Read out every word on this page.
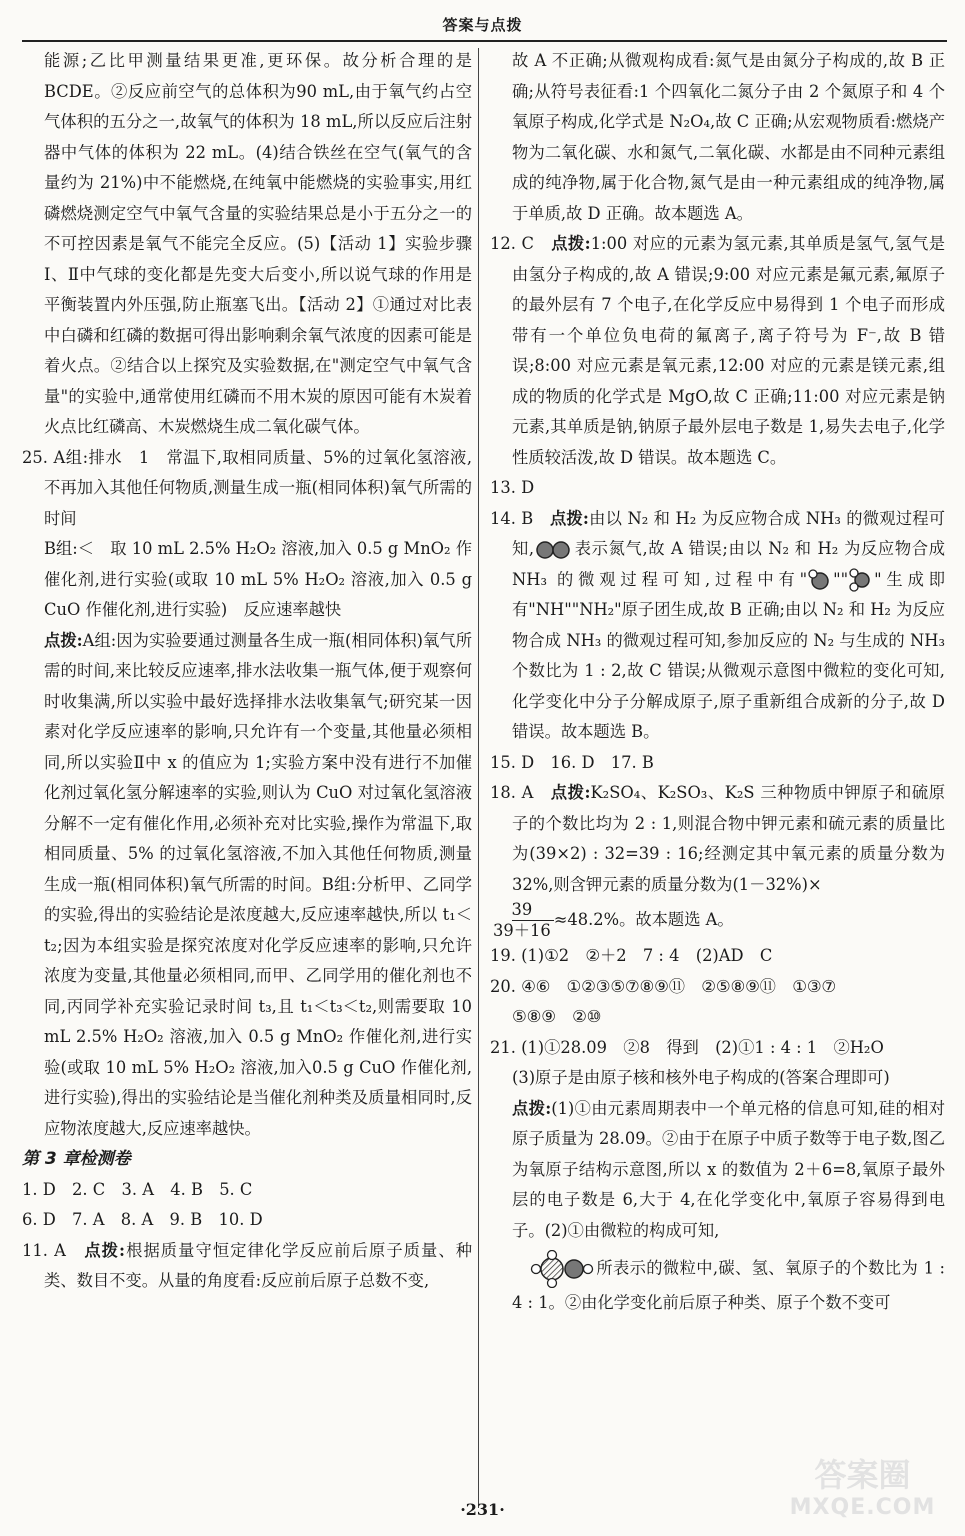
答案与点拨

能源;乙比甲测量结果更准,更环保。故分析合理的是BCDE。②反应前空气的总体积为90 mL,由于氧气约占空气体积的五分之一,故氧气的体积为 18 mL,所以反应后注射器中气体的体积为 22 mL。(4)结合铁丝在空气(氧气的含量约为 21%)中不能燃烧,在纯氧中能燃烧的实验事实,用红磷燃烧测定空气中氧气含量的实验结果总是小于五分之一的不可控因素是氧气不能完全反应。(5)【活动 1】实验步骤Ⅰ、Ⅱ中气球的变化都是先变大后变小,所以说气球的作用是平衡装置内外压强,防止瓶塞飞出。【活动 2】①通过对比表中白磷和红磷的数据可得出影响剩余氧气浓度的因素可能是着火点。②结合以上探究及实验数据,在"测定空气中氧气含量"的实验中,通常使用红磷而不用木炭的原因可能有木炭着火点比红磷高、木炭燃烧生成二氧化碳气体。

25. A组:排水　1　常温下,取相同质量、5%的过氧化氢溶液,不再加入其他任何物质,测量生成一瓶(相同体积)氧气所需的时间

B组:＜　取 10 mL 2.5% H₂O₂ 溶液,加入 0.5 g MnO₂ 作催化剂,进行实验(或取 10 mL 5% H₂O₂ 溶液,加入 0.5 g CuO 作催化剂,进行实验)　反应速率越快

点拨:A组:因为实验要通过测量各生成一瓶(相同体积)氧气所需的时间,来比较反应速率,排水法收集一瓶气体,便于观察何时收集满,所以实验中最好选择排水法收集氧气;研究某一因素对化学反应速率的影响,只允许有一个变量,其他量必须相同,所以实验Ⅱ中 x 的值应为 1;实验方案中没有进行不加催化剂过氧化氢分解速率的实验,则认为 CuO 对过氧化氢溶液分解不一定有催化作用,必须补充对比实验,操作为常温下,取相同质量、5% 的过氧化氢溶液,不加入其他任何物质,测量生成一瓶(相同体积)氧气所需的时间。B组:分析甲、乙同学的实验,得出的实验结论是浓度越大,反应速率越快,所以 t₁＜t₂;因为本组实验是探究浓度对化学反应速率的影响,只允许浓度为变量,其他量必须相同,而甲、乙同学用的催化剂也不同,丙同学补充实验记录时间 t₃,且 t₁＜t₃＜t₂,则需要取 10 mL 2.5% H₂O₂ 溶液,加入 0.5 g MnO₂ 作催化剂,进行实验(或取 10 mL 5% H₂O₂ 溶液,加入0.5 g CuO 作催化剂,进行实验),得出的实验结论是当催化剂种类及质量相同时,反应物浓度越大,反应速率越快。

第 3 章检测卷

1. D　2. C　3. A　4. B　5. C

6. D　7. A　8. A　9. B　10. D

11. A　点拨:根据质量守恒定律化学反应前后原子质量、种类、数目不变。从量的角度看:反应前后原子总数不变,

故 A 不正确;从微观构成看:氮气是由氮分子构成的,故 B 正确;从符号表征看:1 个四氧化二氮分子由 2 个氮原子和 4 个氧原子构成,化学式是 N₂O₄,故 C 正确;从宏观物质看:燃烧产物为二氧化碳、水和氮气,二氧化碳、水都是由不同种元素组成的纯净物,属于化合物,氮气是由一种元素组成的纯净物,属于单质,故 D 正确。故本题选 A。

12. C　点拨:1:00 对应的元素为氢元素,其单质是氢气,氢气是由氢分子构成的,故 A 错误;9:00 对应元素是氟元素,氟原子的最外层有 7 个电子,在化学反应中易得到 1 个电子而形成带有一个单位负电荷的氟离子,离子符号为 F⁻,故 B 错误;8:00 对应元素是氧元素,12:00 对应的元素是镁元素,组成的物质的化学式是 MgO,故 C 正确;11:00 对应元素是钠元素,其单质是钠,钠原子最外层电子数是 1,易失去电子,化学性质较活泼,故 D 错误。故本题选 C。

13. D

14. B　点拨:由以 N₂ 和 H₂ 为反应物合成 NH₃ 的微观过程可知, 表示氮气,故 A 错误;由以 N₂ 和 H₂ 为反应物合成 NH₃ 的微观过程可知,过程中有" "" "生成即有"NH""NH₂"原子团生成,故 B 正确;由以 N₂ 和 H₂ 为反应物合成 NH₃ 的微观过程可知,参加反应的 N₂ 与生成的 NH₃ 个数比为 1 : 2,故 C 错误;从微观示意图中微粒的变化可知,化学变化中分子分解成原子,原子重新组合成新的分子,故 D 错误。故本题选 B。

15. D　16. D　17. B

18. A　点拨:K₂SO₄、K₂SO₃、K₂S 三种物质中钾原子和硫原子的个数比均为 2 : 1,则混合物中钾元素和硫元素的质量比为(39×2) : 32=39 : 16;经测定其中氧元素的质量分数为 32%,则含钾元素的质量分数为(1－32%)×

$\frac{39}{39+16} \approx 48.2\%$。故本题选 A。

19. (1)①2　②＋2　7 : 4　(2)AD　C

20. ④⑥　①②③⑤⑦⑧⑨⑪　②⑤⑧⑨⑪　①③⑦

⑤⑧⑨　②⑩

21. (1)①28.09　②8　得到　(2)①1 : 4 : 1　②H₂O

(3)原子是由原子核和核外电子构成的(答案合理即可)

点拨:(1)①由元素周期表中一个单元格的信息可知,硅的相对原子质量为 28.09。②由于在原子中质子数等于电子数,图乙为氧原子结构示意图,所以 x 的数值为 2＋6=8,氧原子最外层的电子数是 6,大于 4,在化学变化中,氧原子容易得到电子。(2)①由微粒的构成可知,

所表示的微粒中,碳、氢、氧原子的个数比为 1 : 4 : 1。②由化学变化前后原子种类、原子个数不变可

·231·
答案圈
MXQE.COM
